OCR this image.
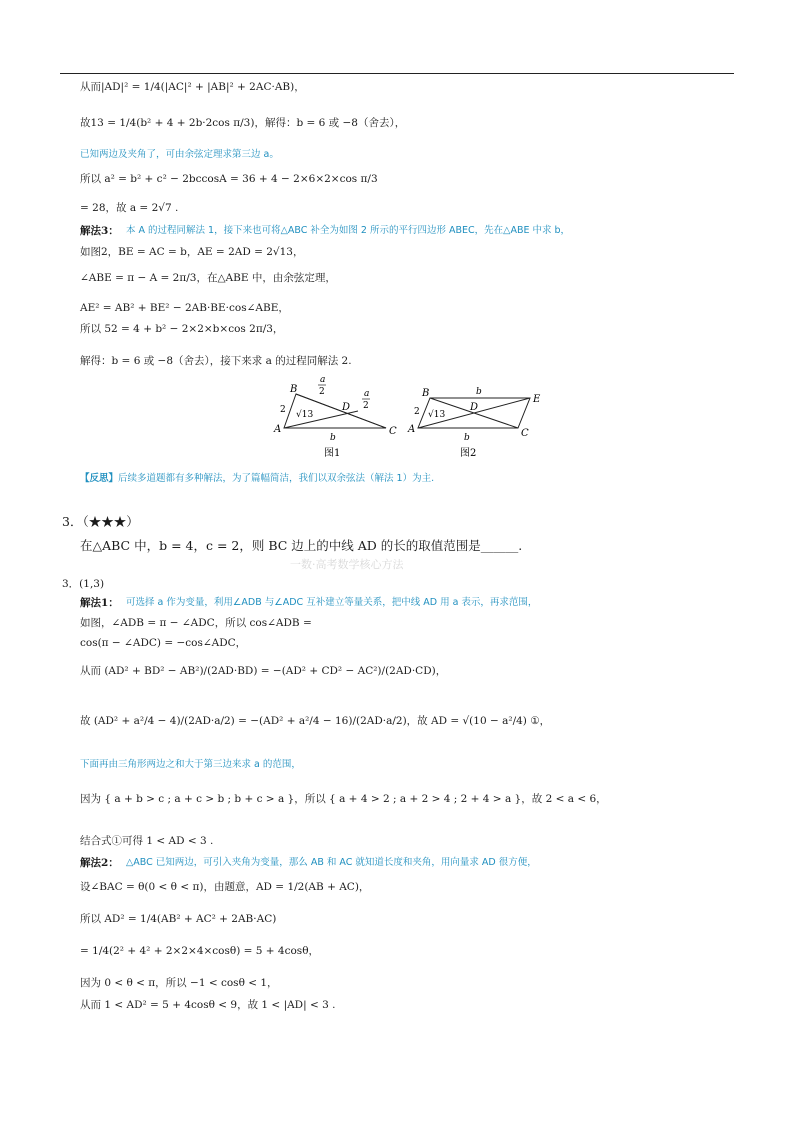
从而|AD|² = 1/4(|AC|² + |AB|² + 2AC·AB)，
故13 = 1/4(b² + 4 + 2b·2cos π/3)，解得：b = 6 或 −8（舍去），
已知两边及夹角了，可由余弦定理求第三边 a。
所以 a² = b² + c² − 2bccosA = 36 + 4 − 2×6×2×cos π/3
= 28，故 a = 2√7 .
解法3： 本 A 的过程同解法 1，接下来也可将△ABC 补全为如图 2 所示的平行四边形 ABEC，先在△ABE 中求 b，
如图2，BE = AC = b，AE = 2AD = 2√13，
∠ABE = π − A = 2π/3，在△ABE 中，由余弦定理，
AE² = AB² + BE² − 2AB·BE·cos∠ABE，
所以 52 = 4 + b² − 2×2×b×cos 2π/3，
解得：b = 6 或 −8（舍去），接下来求 a 的过程同解法 2.
A
B
C
D
2 √13
a
2	a
2
b
图1
A
B
C
D
E
2 √13
b
b
图2
【反思】后续多道题都有多种解法，为了篇幅简洁，我们以双余弦法（解法 1）为主.
3．（★★★）
在△ABC 中，b = 4，c = 2，则 BC 边上的中线 AD 的长的取值范围是______.
一数·高考数学核心方法
3．(1,3)
解法1： 可选择 a 作为变量，利用∠ADB 与∠ADC 互补建立等量关系，把中线 AD 用 a 表示，再求范围，
如图，∠ADB = π − ∠ADC，所以 cos∠ADB =
cos(π − ∠ADC) = −cos∠ADC，
从而 (AD² + BD² − AB²)/(2AD·BD) = −(AD² + CD² − AC²)/(2AD·CD)，
故 (AD² + a²/4 − 4)/(2AD·a/2) = −(AD² + a²/4 − 16)/(2AD·a/2)，故 AD = √(10 − a²/4) ①，
下面再由三角形两边之和大于第三边来求 a 的范围，
因为 { a + b > c ; a + c > b ; b + c > a }，所以 { a + 4 > 2 ; a + 2 > 4 ; 2 + 4 > a }，故 2 < a < 6，
结合式①可得 1 < AD < 3 .
解法2： △ABC 已知两边，可引入夹角为变量，那么 AB 和 AC 就知道长度和夹角，用向量求 AD 很方便，
设∠BAC = θ(0 < θ < π)，由题意，AD = 1/2(AB + AC)，
所以 AD² = 1/4(AB² + AC² + 2AB·AC)
= 1/4(2² + 4² + 2×2×4×cosθ) = 5 + 4cosθ，
因为 0 < θ < π，所以 −1 < cosθ < 1，
从而 1 < AD² = 5 + 4cosθ < 9，故 1 < |AD| < 3 .
